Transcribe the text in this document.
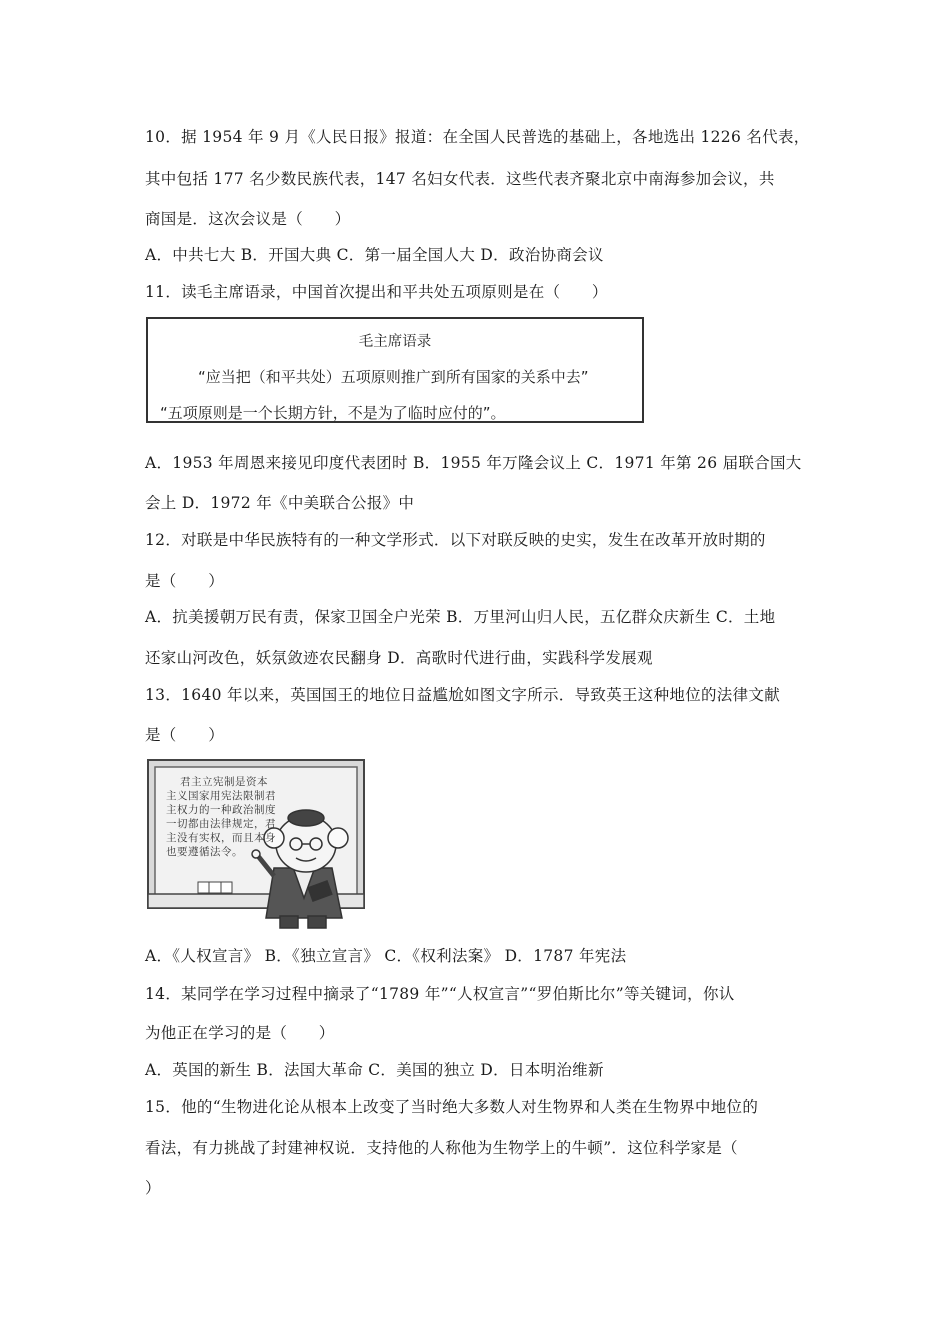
10．据 1954 年 9 月《人民日报》报道：在全国人民普选的基础上，各地选出 1226 名代表，

其中包括 177 名少数民族代表，147 名妇女代表．这些代表齐聚北京中南海参加会议，共

商国是．这次会议是（　　）

A．中共七大 B．开国大典 C．第一届全国人大 D．政治协商会议

11．读毛主席语录，中国首次提出和平共处五项原则是在（　　）

毛主席语录

“应当把（和平共处）五项原则推广到所有国家的关系中去”

“五项原则是一个长期方针，不是为了临时应付的”。

A．1953 年周恩来接见印度代表团时 B．1955 年万隆会议上 C．1971 年第 26 届联合国大

会上 D．1972 年《中美联合公报》中

12．对联是中华民族特有的一种文学形式．以下对联反映的史实，发生在改革开放时期的

是（　　）

A．抗美援朝万民有责，保家卫国全户光荣 B．万里河山归人民，五亿群众庆新生 C．土地

还家山河改色，妖氛敛迹农民翻身 D．高歌时代进行曲，实践科学发展观

13．1640 年以来，英国国王的地位日益尴尬如图文字所示．导致英王这种地位的法律文献

是（　　）

君主立宪制是资本

主义国家用宪法限制君

主权力的一种政治制度

一切都由法律规定，君

主没有实权，而且本身

也要遵循法令。

A．《人权宣言》 B．《独立宣言》 C．《权利法案》 D．1787 年宪法

14．某同学在学习过程中摘录了“1789 年”“人权宣言”“罗伯斯比尔”等关键词，你认

为他正在学习的是（　　）

A．英国的新生 B．法国大革命 C．美国的独立 D．日本明治维新

15．他的“生物进化论从根本上改变了当时绝大多数人对生物界和人类在生物界中地位的

看法，有力挑战了封建神权说．支持他的人称他为生物学上的牛顿”．这位科学家是（

）
